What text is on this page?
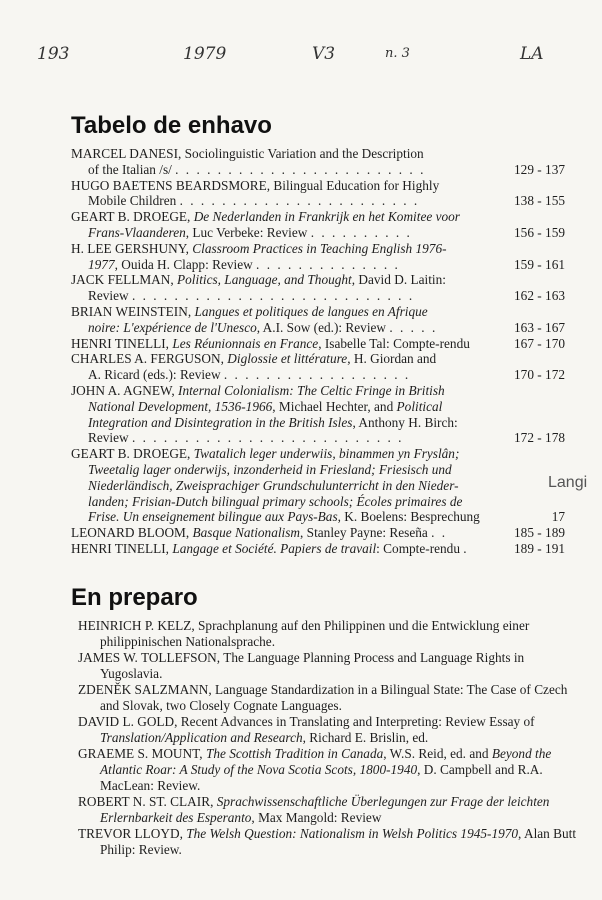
193	1979	V3	n. 3	LA
Tabelo de enhavo
MARCEL DANESI, Sociolinguistic Variation and the Description
of the Italian /s/ . . . . . . . . . . . . . . . . . . . . . . . .	129 - 137
HUGO BAETENS BEARDSMORE, Bilingual Education for Highly
Mobile Children . . . . . . . . . . . . . . . . . . . . . . .	138 - 155
GEART B. DROEGE, De Nederlanden in Frankrijk en het Komitee voor
Frans-Vlaanderen, Luc Verbeke: Review . . . . . . . . . .	156 - 159
H. LEE GERSHUNY, Classroom Practices in Teaching English 1976-
1977, Ouida H. Clapp: Review . . . . . . . . . . . . . .	159 - 161
JACK FELLMAN, Politics, Language, and Thought, David D. Laitin:
Review . . . . . . . . . . . . . . . . . . . . . . . . . . .	162 - 163
BRIAN WEINSTEIN, Langues et politiques de langues en Afrique
noire: L'expérience de l'Unesco, A.I. Sow (ed.): Review . . . . .	163 - 167
HENRI TINELLI, Les Réunionnais en France, Isabelle Tal: Compte-rendu	167 - 170
CHARLES A. FERGUSON, Diglossie et littérature, H. Giordan and
A. Ricard (eds.): Review . . . . . . . . . . . . . . . . . .	170 - 172
JOHN A. AGNEW, Internal Colonialism: The Celtic Fringe in British
National Development, 1536-1966, Michael Hechter, and Political
Integration and Disintegration in the British Isles, Anthony H. Birch:
Review . . . . . . . . . . . . . . . . . . . . . . . . . .	172 - 178
GEART B. DROEGE, Twatalich leger underwiis, binammen yn Fryslân;
Tweetalig lager onderwijs, inzonderheid in Friesland; Friesisch und
Niederländisch, Zweisprachiger Grundschulunterricht in den Nieder-
landen; Frisian-Dutch bilingual primary schools; Écoles primaires de
Frise. Un enseignement bilingue aux Pays-Bas, K. Boelens: Besprechung	17
LEONARD BLOOM, Basque Nationalism, Stanley Payne: Reseña . .	185 - 189
HENRI TINELLI, Langage et Société. Papiers de travail: Compte-rendu .	189 - 191
Langi
En preparo
HEINRICH P. KELZ, Sprachplanung auf den Philippinen und die Entwicklung einer philippinischen Nationalsprache.
JAMES W. TOLLEFSON, The Language Planning Process and Language Rights in Yugoslavia.
ZDENĚK SALZMANN, Language Standardization in a Bilingual State: The Case of Czech and Slovak, two Closely Cognate Languages.
DAVID L. GOLD, Recent Advances in Translating and Interpreting: Review Essay of Translation/Application and Research, Richard E. Brislin, ed.
GRAEME S. MOUNT, The Scottish Tradition in Canada, W.S. Reid, ed. and Beyond the Atlantic Roar: A Study of the Nova Scotia Scots, 1800-1940, D. Campbell and R.A. MacLean: Review.
ROBERT N. ST. CLAIR, Sprachwissenschaftliche Überlegungen zur Frage der leichten Erlernbarkeit des Esperanto, Max Mangold: Review
TREVOR LLOYD, The Welsh Question: Nationalism in Welsh Politics 1945-1970, Alan Butt Philip: Review.
